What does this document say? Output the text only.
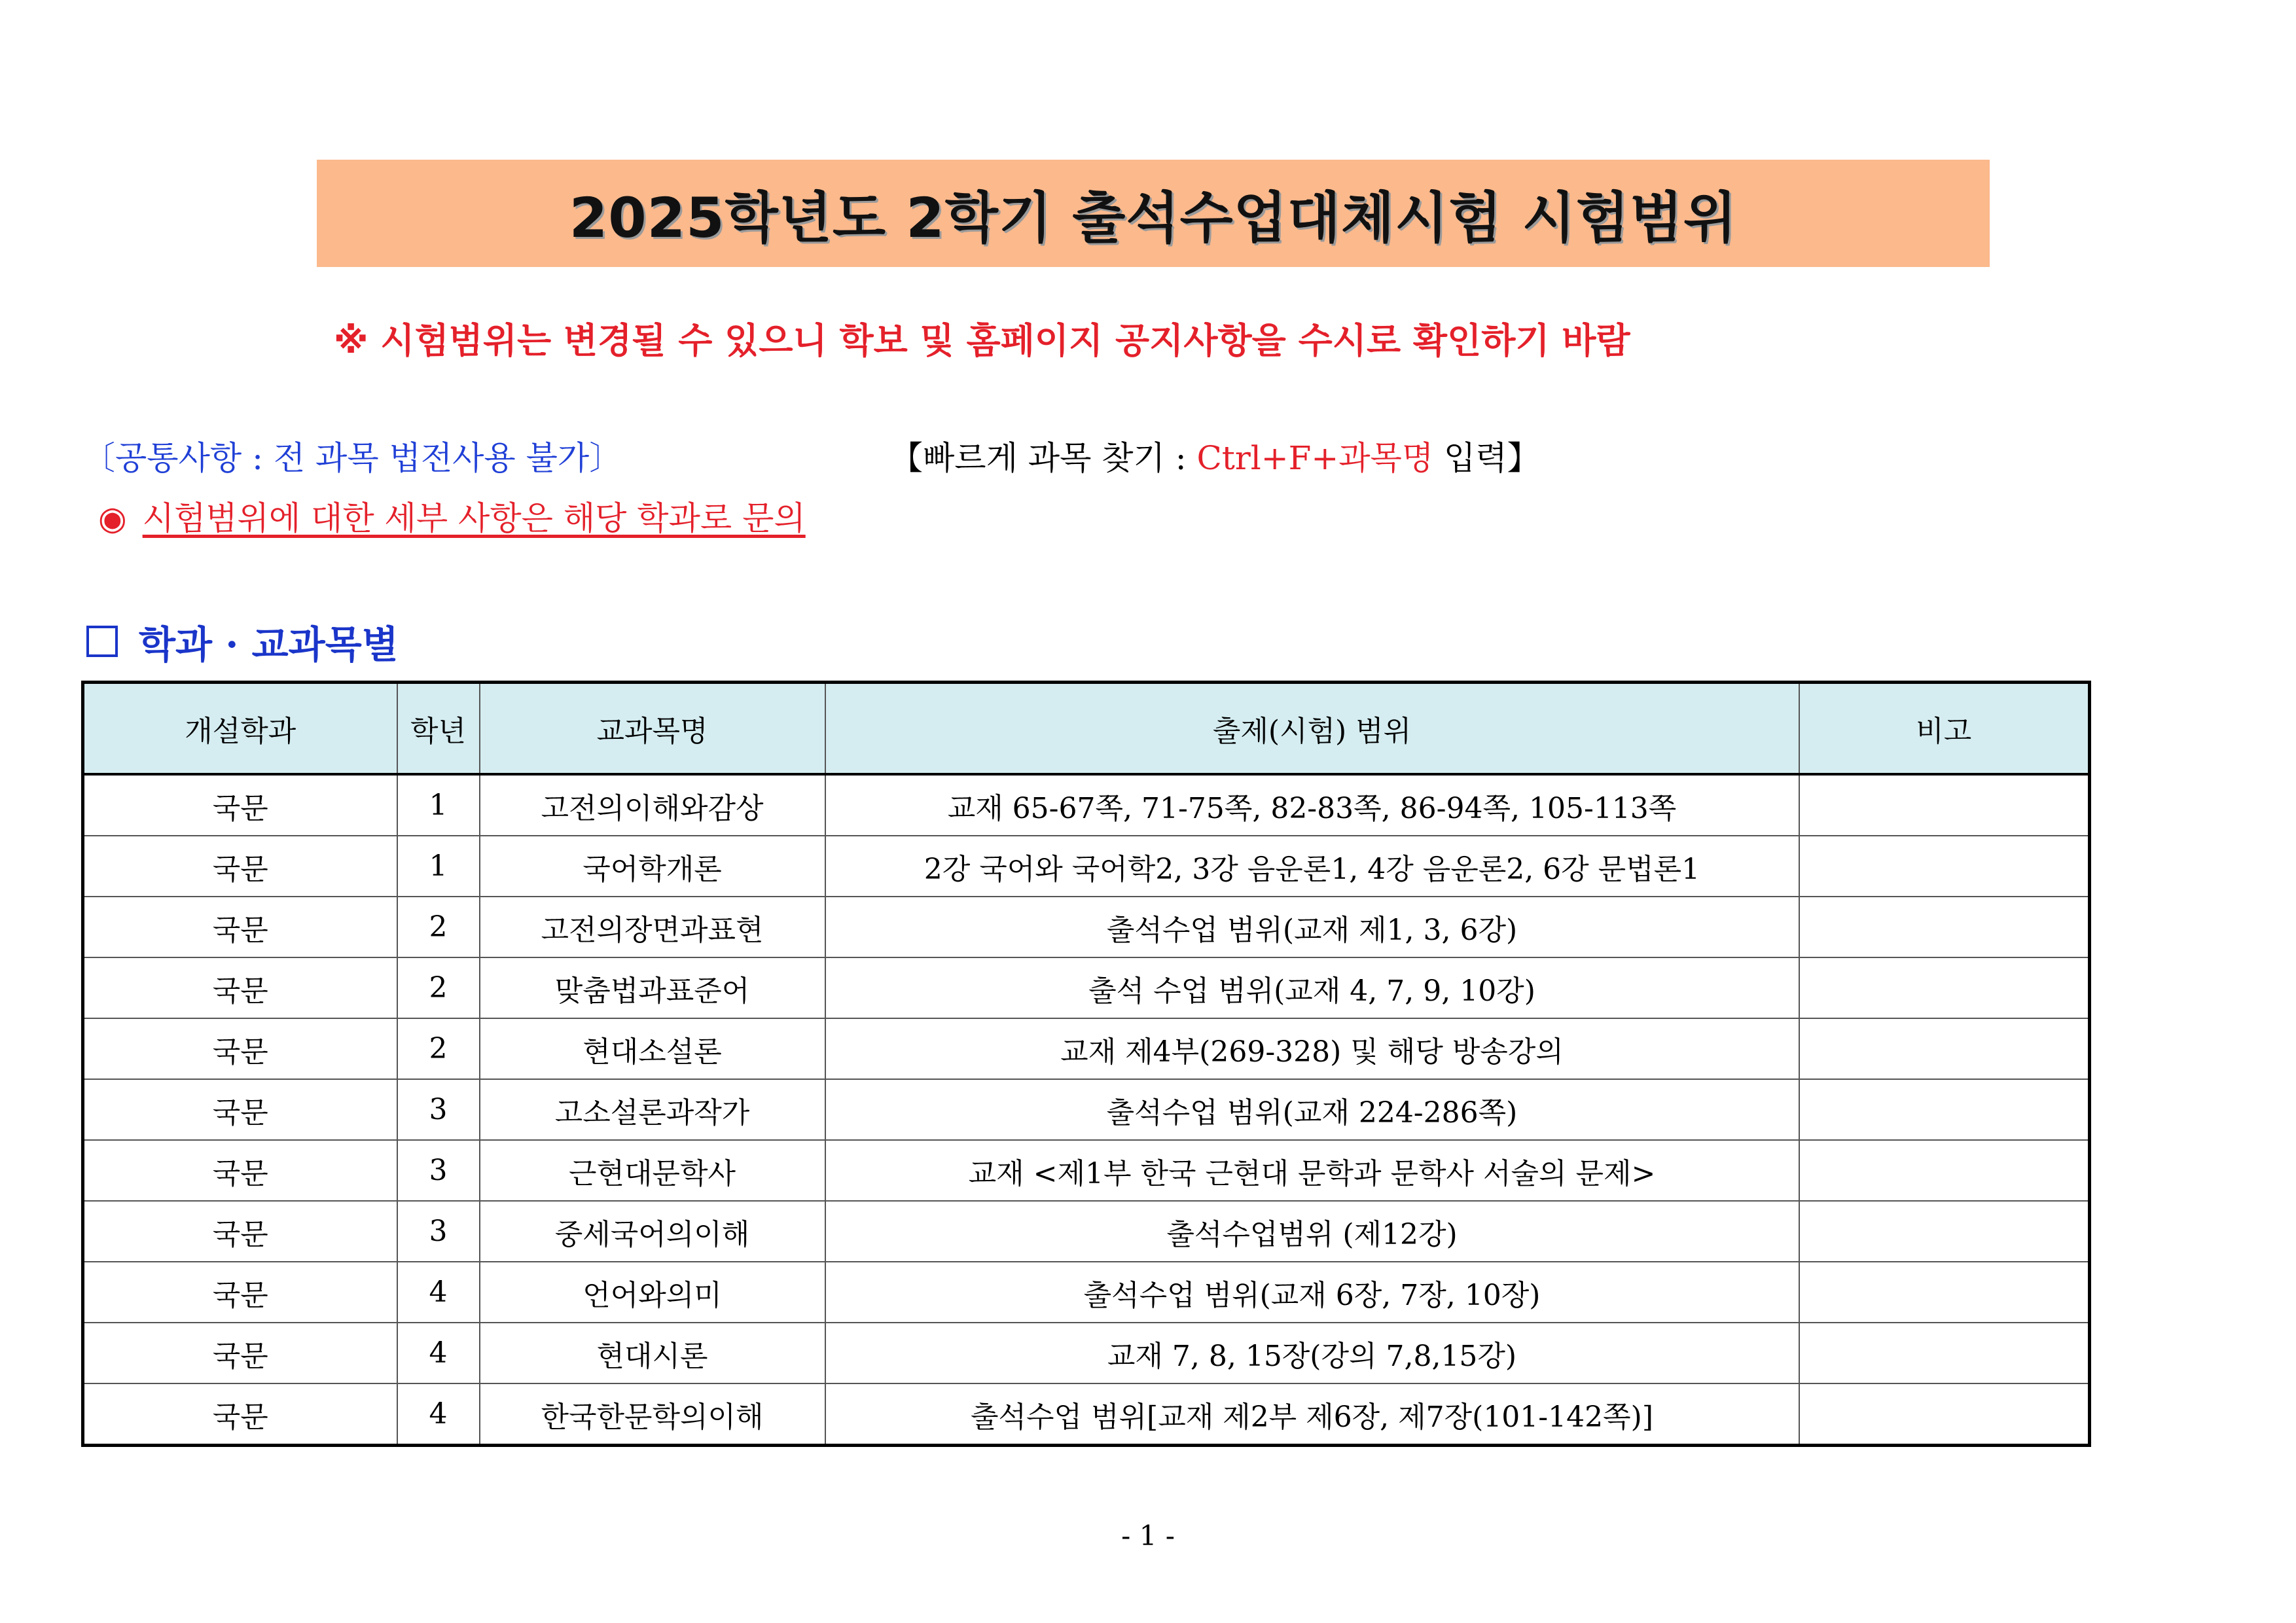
2025학년도 2학기 출석수업대체시험 시험범위
※ 시험범위는 변경될 수 있으니 학보 및 홈페이지 공지사항을 수시로 확인하기 바람
〔공통사항 : 전 과목 법전사용 불가〕	【빠르게 과목 찾기 : Ctrl+F+과목명 입력】
◉ 시험범위에 대한 세부 사항은 해당 학과로 문의
학과 · 교과목별
개설학과	학년	교과목명	출제(시험) 범위	비고
국문	1	고전의이해와감상	교재 65-67쪽, 71-75쪽, 82-83쪽, 86-94쪽, 105-113쪽	
국문	1	국어학개론	2강 국어와 국어학2, 3강 음운론1, 4강 음운론2, 6강 문법론1	
국문	2	고전의장면과표현	출석수업 범위(교재 제1, 3, 6강)	
국문	2	맞춤법과표준어	출석 수업 범위(교재 4, 7, 9, 10강)	
국문	2	현대소설론	교재 제4부(269-328) 및 해당 방송강의	
국문	3	고소설론과작가	출석수업 범위(교재 224-286쪽)	
국문	3	근현대문학사	교재 <제1부 한국 근현대 문학과 문학사 서술의 문제>	
국문	3	중세국어의이해	출석수업범위 (제12강)	
국문	4	언어와의미	출석수업 범위(교재 6장, 7장, 10장)	
국문	4	현대시론	교재 7, 8, 15장(강의 7,8,15강)	
국문	4	한국한문학의이해	출석수업 범위[교재 제2부 제6장, 제7장(101-142쪽)]	
- 1 -
